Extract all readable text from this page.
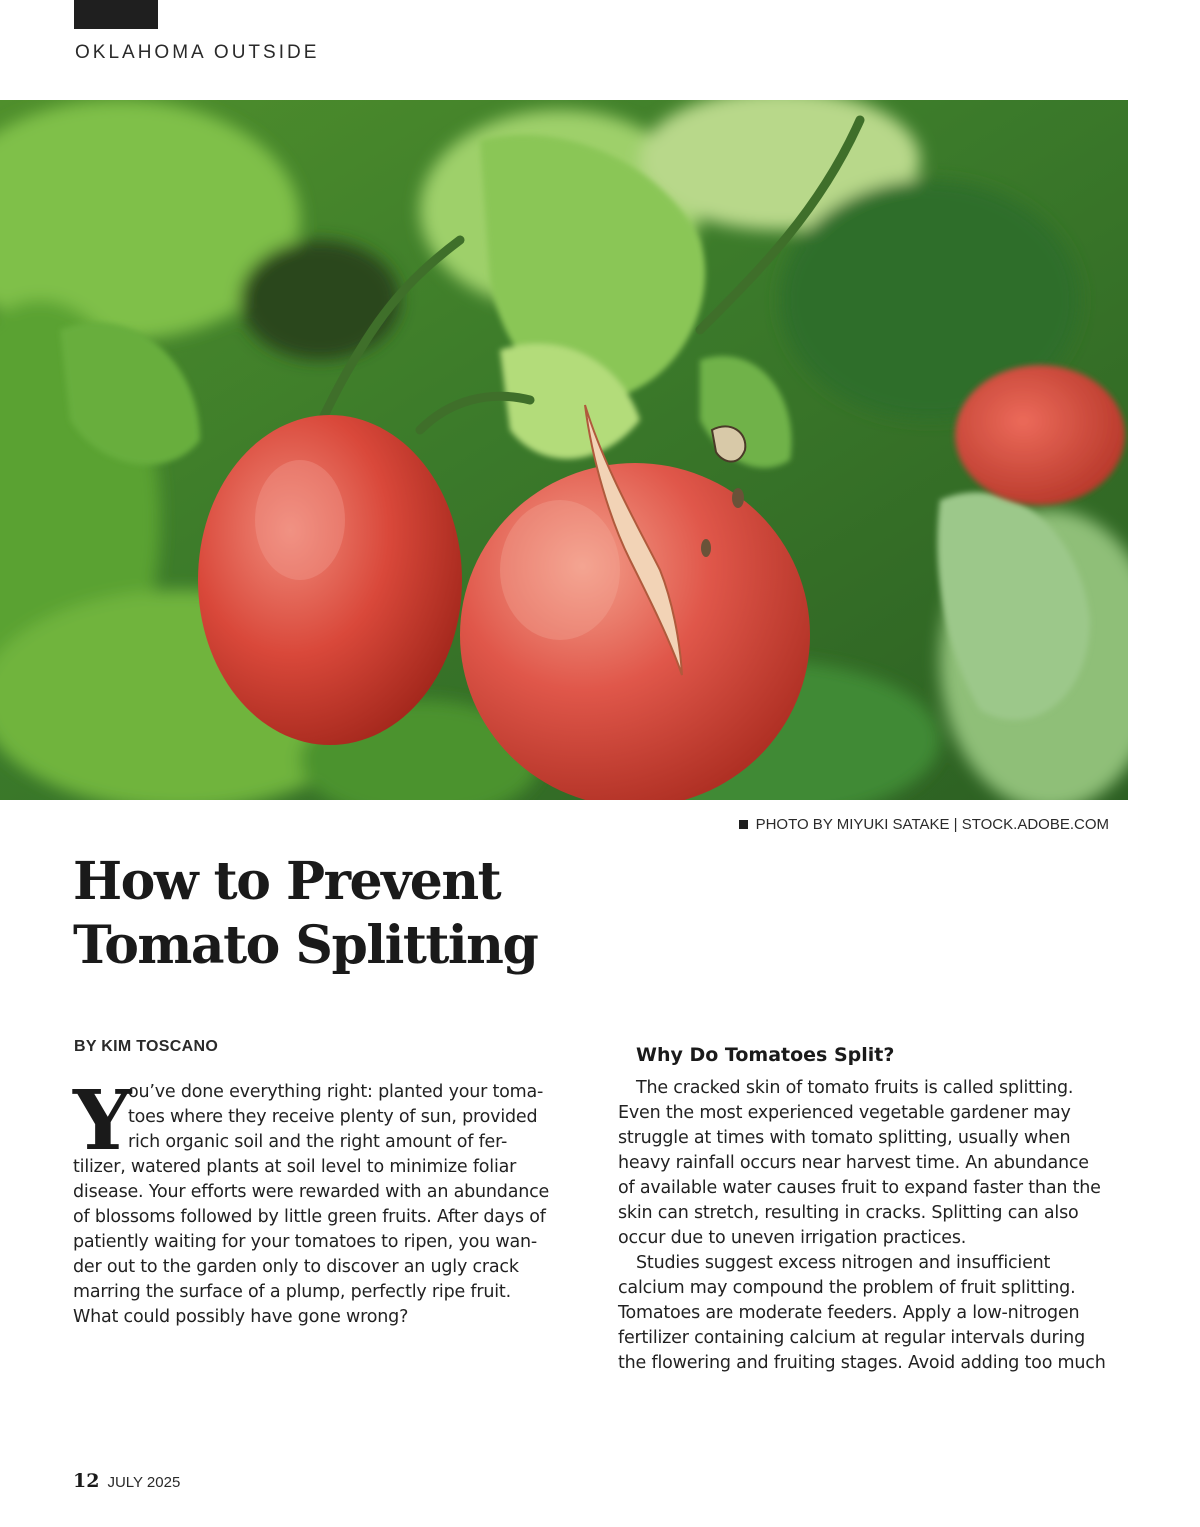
OKLAHOMA OUTSIDE
PHOTO BY MIYUKI SATAKE | STOCK.ADOBE.COM
How to Prevent
Tomato Splitting
BY KIM TOSCANO
Y
ou’ve done everything right: planted your toma-
toes where they receive plenty of sun, provided
rich organic soil and the right amount of fer-
tilizer, watered plants at soil level to minimize foliar
disease. Your efforts were rewarded with an abundance
of blossoms followed by little green fruits. After days of
patiently waiting for your tomatoes to ripen, you wan-
der out to the garden only to discover an ugly crack
marring the surface of a plump, perfectly ripe fruit.
What could possibly have gone wrong?
Why Do Tomatoes Split?
The cracked skin of tomato fruits is called splitting.
Even the most experienced vegetable gardener may
struggle at times with tomato splitting, usually when
heavy rainfall occurs near harvest time. An abundance
of available water causes fruit to expand faster than the
skin can stretch, resulting in cracks. Splitting can also
occur due to uneven irrigation practices.
Studies suggest excess nitrogen and insufficient
calcium may compound the problem of fruit splitting.
Tomatoes are moderate feeders. Apply a low-nitrogen
fertilizer containing calcium at regular intervals during
the flowering and fruiting stages. Avoid adding too much
12 JULY 2025
